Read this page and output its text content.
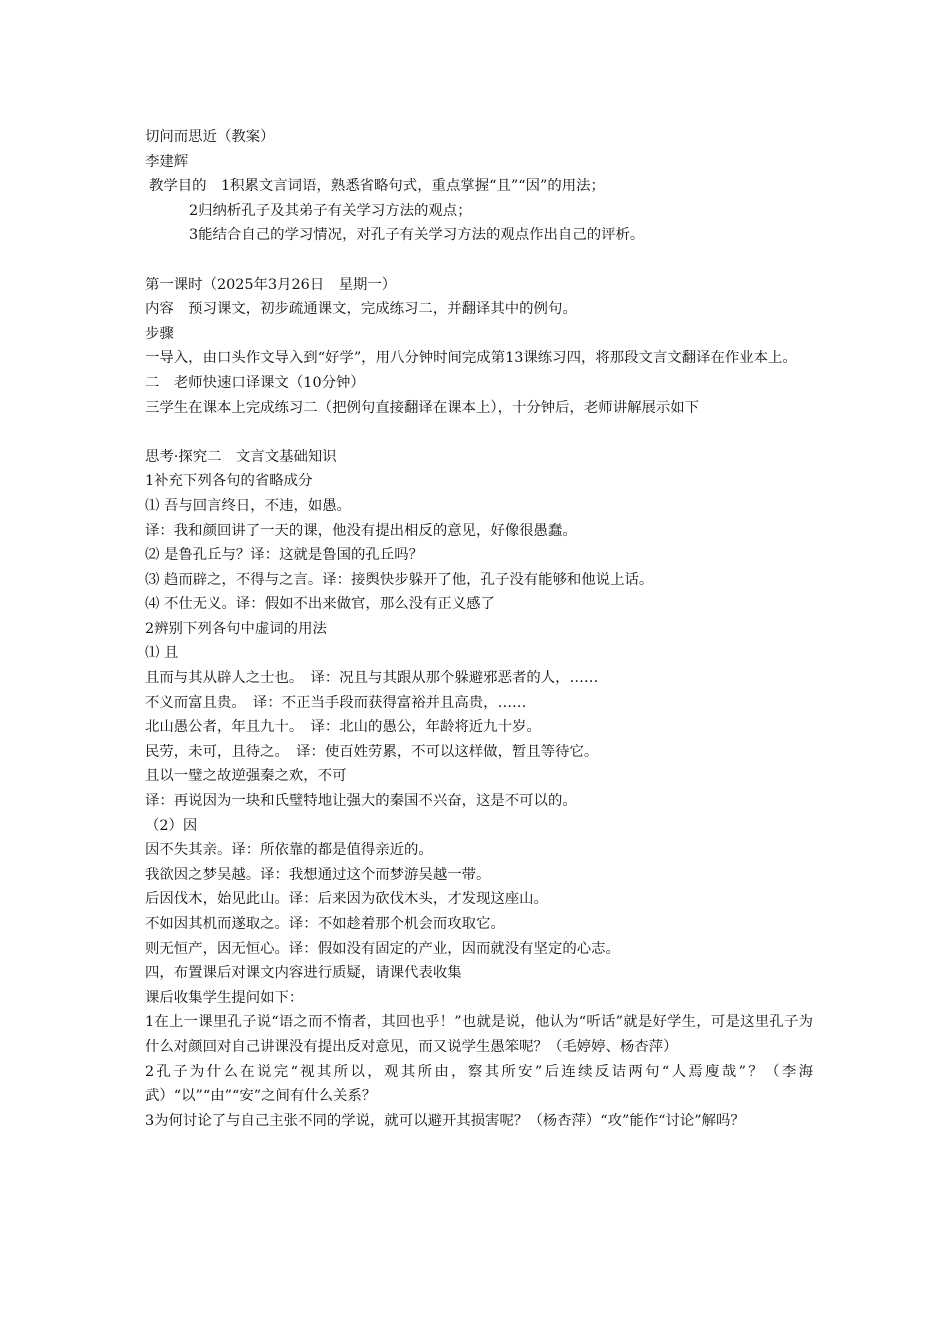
切问而思近（教案）
李建辉
教学目的　1积累文言词语，熟悉省略句式，重点掌握“且”“因”的用法；
2归纳析孔子及其弟子有关学习方法的观点；
3能结合自己的学习情况，对孔子有关学习方法的观点作出自己的评析。
第一课时（2025年3月26日　星期一）
内容　预习课文，初步疏通课文，完成练习二，并翻译其中的例句。
步骤
一导入，由口头作文导入到“好学”，用八分钟时间完成第13课练习四，将那段文言文翻译在作业本上。
二　老师快速口译课文（10分钟）
三学生在课本上完成练习二（把例句直接翻译在课本上），十分钟后，老师讲解展示如下
思考·探究二　文言文基础知识
1补充下列各句的省略成分
⑴ 吾与回言终日，不违，如愚。
译：我和颜回讲了一天的课，他没有提出相反的意见，好像很愚蠢。
⑵ 是鲁孔丘与？译：这就是鲁国的孔丘吗？
⑶ 趋而辟之，不得与之言。译：接舆快步躲开了他，孔子没有能够和他说上话。
⑷ 不仕无义。译：假如不出来做官，那么没有正义感了
2辨别下列各句中虚词的用法
⑴ 且
且而与其从辟人之士也。　译：况且与其跟从那个躲避邪恶者的人，……
不义而富且贵。　译：不正当手段而获得富裕并且高贵，……
北山愚公者，年且九十。　译：北山的愚公，年龄将近九十岁。
民劳，未可，且待之。　译：使百姓劳累，不可以这样做，暂且等待它。
且以一璧之故逆强秦之欢，不可
译：再说因为一块和氏璧特地让强大的秦国不兴奋，这是不可以的。
（2）因
因不失其亲。译：所依靠的都是值得亲近的。
我欲因之梦吴越。译：我想通过这个而梦游吴越一带。
后因伐木，始见此山。译：后来因为砍伐木头，才发现这座山。
不如因其机而遂取之。译：不如趁着那个机会而攻取它。
则无恒产，因无恒心。译：假如没有固定的产业，因而就没有坚定的心志。
四，布置课后对课文内容进行质疑，请课代表收集
课后收集学生提问如下：
1在上一课里孔子说“语之而不惰者，其回也乎！”也就是说，他认为“听话”就是好学生，可是这里孔子为什么对颜回对自己讲课没有提出反对意见，而又说学生愚笨呢？（毛婷婷、杨杏萍）
2孔子为什么在说完“视其所以，观其所由，察其所安”后连续反诘两句“人焉廋哉”？（李海武）“以”“由”“安”之间有什么关系？
3为何讨论了与自己主张不同的学说，就可以避开其损害呢？（杨杏萍）“攻”能作“讨论”解吗？
